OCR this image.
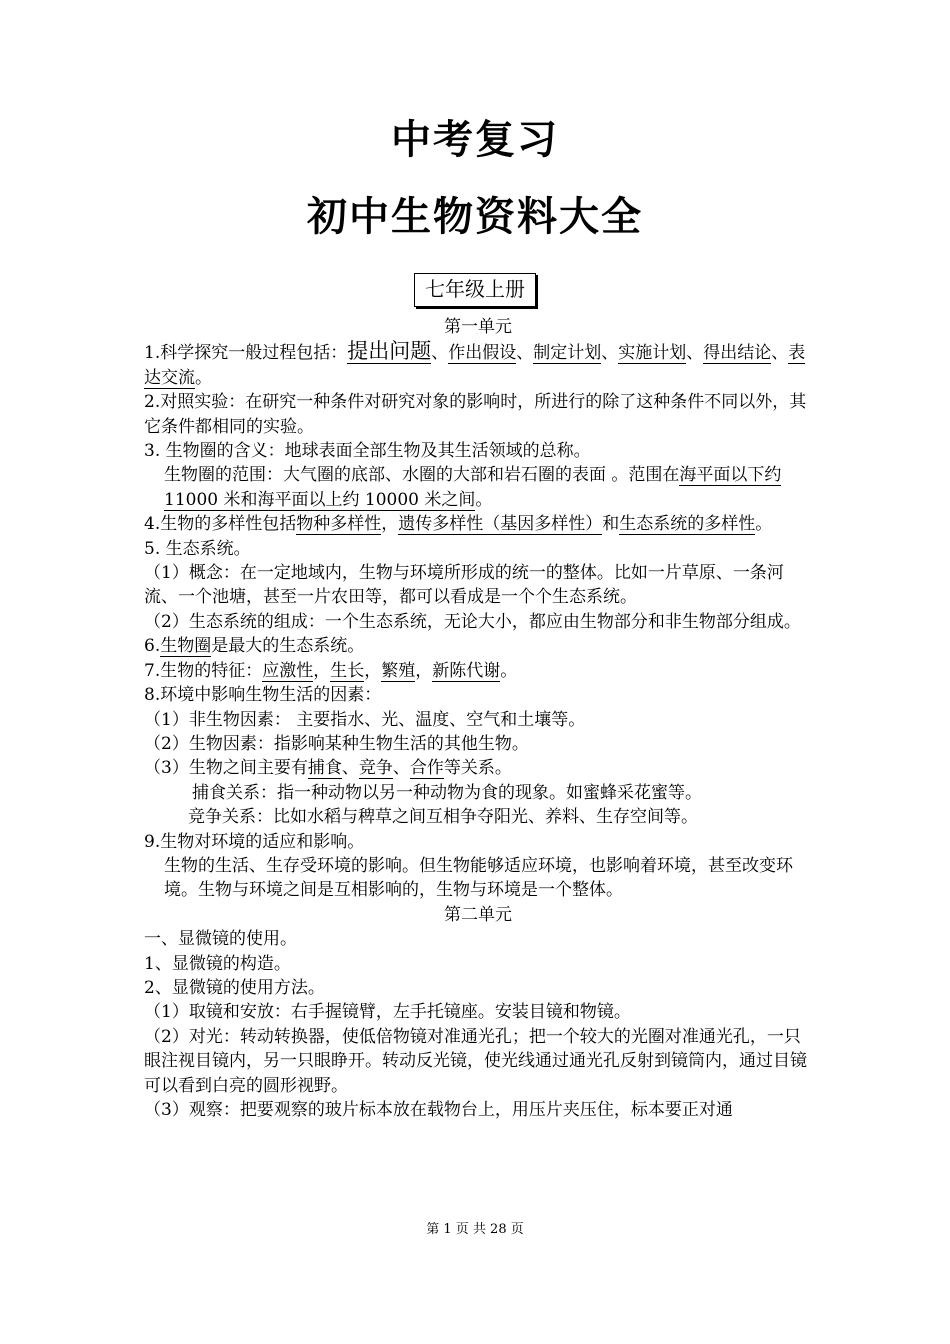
中考复习
初中生物资料大全
七年级上册

第一单元

1.科学探究一般过程包括：提出问题、作出假设、制定计划、实施计划、得出结论、表达交流。

2.对照实验：在研究一种条件对研究对象的影响时，所进行的除了这种条件不同以外，其它条件都相同的实验。

3. 生物圈的含义：地球表面全部生物及其生活领域的总称。

生物圈的范围：大气圈的底部、水圈的大部和岩石圈的表面 。范围在海平面以下约 11000 米和海平面以上约 10000 米之间。

4.生物的多样性包括物种多样性，遗传多样性（基因多样性）和生态系统的多样性。

5. 生态系统。

（1）概念：在一定地域内，生物与环境所形成的统一的整体。比如一片草原、一条河流、一个池塘，甚至一片农田等，都可以看成是一个个生态系统。

（2）生态系统的组成：一个生态系统，无论大小，都应由生物部分和非生物部分组成。

6.生物圈是最大的生态系统。

7.生物的特征：应激性，生长，繁殖，新陈代谢。

8.环境中影响生物生活的因素：

（1）非生物因素： 主要指水、光、温度、空气和土壤等。

（2）生物因素：指影响某种生物生活的其他生物。

（3）生物之间主要有捕食、竞争、合作等关系。

捕食关系：指一种动物以另一种动物为食的现象。如蜜蜂采花蜜等。

竞争关系：比如水稻与稗草之间互相争夺阳光、养料、生存空间等。

9.生物对环境的适应和影响。

生物的生活、生存受环境的影响。但生物能够适应环境，也影响着环境，甚至改变环境。生物与环境之间是互相影响的，生物与环境是一个整体。

第二单元

一、显微镜的使用。

1、显微镜的构造。

2、显微镜的使用方法。

（1）取镜和安放：右手握镜臂，左手托镜座。安装目镜和物镜。

（2）对光：转动转换器，使低倍物镜对准通光孔；把一个较大的光圈对准通光孔，一只眼注视目镜内，另一只眼睁开。转动反光镜，使光线通过通光孔反射到镜筒内，通过目镜可以看到白亮的圆形视野。

（3）观察：把要观察的玻片标本放在载物台上，用压片夹压住，标本要正对通

第 1 页 共 28 页
